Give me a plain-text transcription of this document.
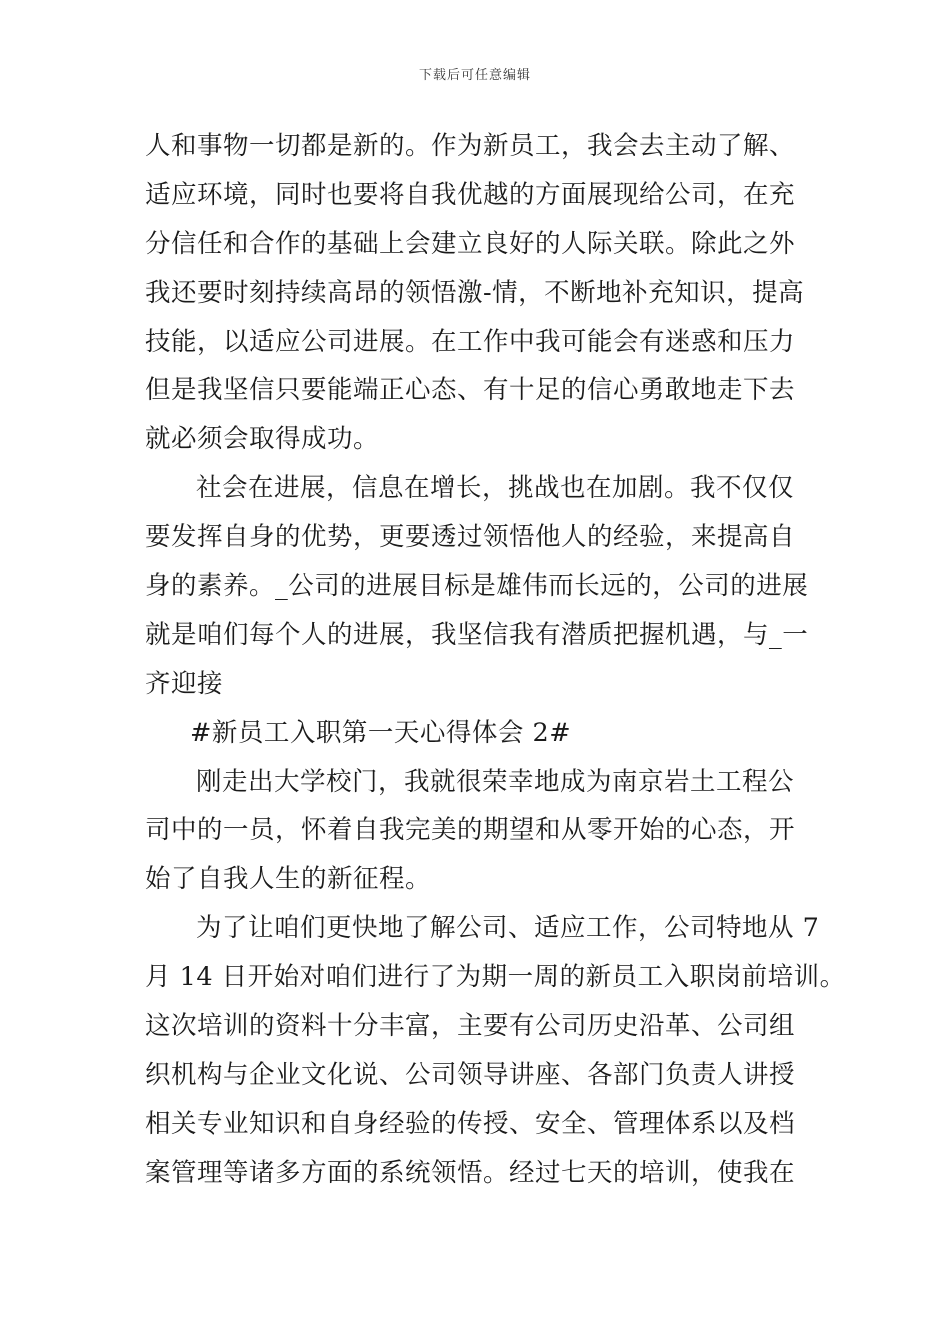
下载后可任意编辑
人和事物一切都是新的。作为新员工，我会去主动了解、
适应环境，同时也要将自我优越的方面展现给公司，在充
分信任和合作的基础上会建立良好的人际关联。除此之外
我还要时刻持续高昂的领悟激-情，不断地补充知识，提高
技能，以适应公司进展。在工作中我可能会有迷惑和压力
但是我坚信只要能端正心态、有十足的信心勇敢地走下去
就必须会取得成功。
社会在进展，信息在增长，挑战也在加剧。我不仅仅
要发挥自身的优势，更要透过领悟他人的经验，来提高自
身的素养。_公司的进展目标是雄伟而长远的，公司的进展
就是咱们每个人的进展，我坚信我有潜质把握机遇，与_一
齐迎接
#新员工入职第一天心得体会 2#
刚走出大学校门，我就很荣幸地成为南京岩土工程公
司中的一员，怀着自我完美的期望和从零开始的心态，开
始了自我人生的新征程。
为了让咱们更快地了解公司、适应工作，公司特地从 7
月 14 日开始对咱们进行了为期一周的新员工入职岗前培训。
这次培训的资料十分丰富，主要有公司历史沿革、公司组
织机构与企业文化说、公司领导讲座、各部门负责人讲授
相关专业知识和自身经验的传授、安全、管理体系以及档
案管理等诸多方面的系统领悟。经过七天的培训，使我在
